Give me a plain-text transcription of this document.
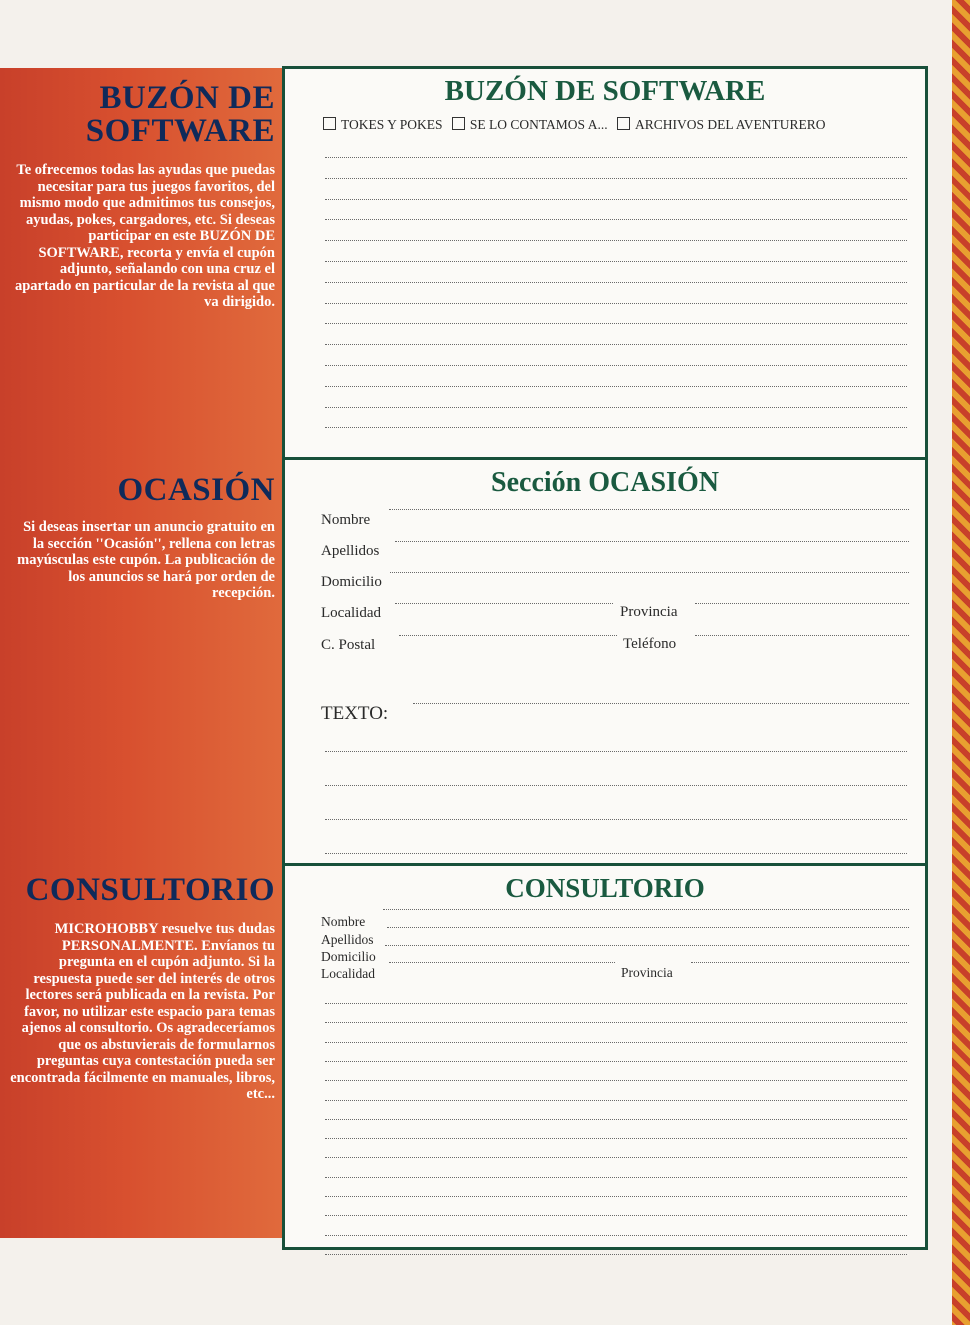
BUZÓN DE SOFTWARE
Te ofrecemos todas las ayudas que puedas necesitar para tus juegos favoritos, del mismo modo que admitimos tus consejos, ayudas, pokes, cargadores, etc. Si deseas participar en este BUZÓN DE SOFTWARE, recorta y envía el cupón adjunto, señalando con una cruz el apartado en particular de la revista al que va dirigido.
OCASIÓN
Si deseas insertar un anuncio gratuito en la sección ''Ocasión'', rellena con letras mayúsculas este cupón. La publicación de los anuncios se hará por orden de recepción.
CONSULTORIO
MICROHOBBY resuelve tus dudas PERSONALMENTE. Envíanos tu pregunta en el cupón adjunto. Si la respuesta puede ser del interés de otros lectores será publicada en la revista. Por favor, no utilizar este espacio para temas ajenos al consultorio. Os agradeceríamos que os abstuvierais de formularnos preguntas cuya contestación pueda ser encontrada fácilmente en manuales, libros, etc...
BUZÓN DE SOFTWARE
TOKES Y POKES SE LO CONTAMOS A... ARCHIVOS DEL AVENTURERO
Sección OCASIÓN
Nombre
Apellidos
Domicilio
Localidad	Provincia
C. Postal	Teléfono
TEXTO:
CONSULTORIO
Nombre
Apellidos
Domicilio
Localidad	Provincia
